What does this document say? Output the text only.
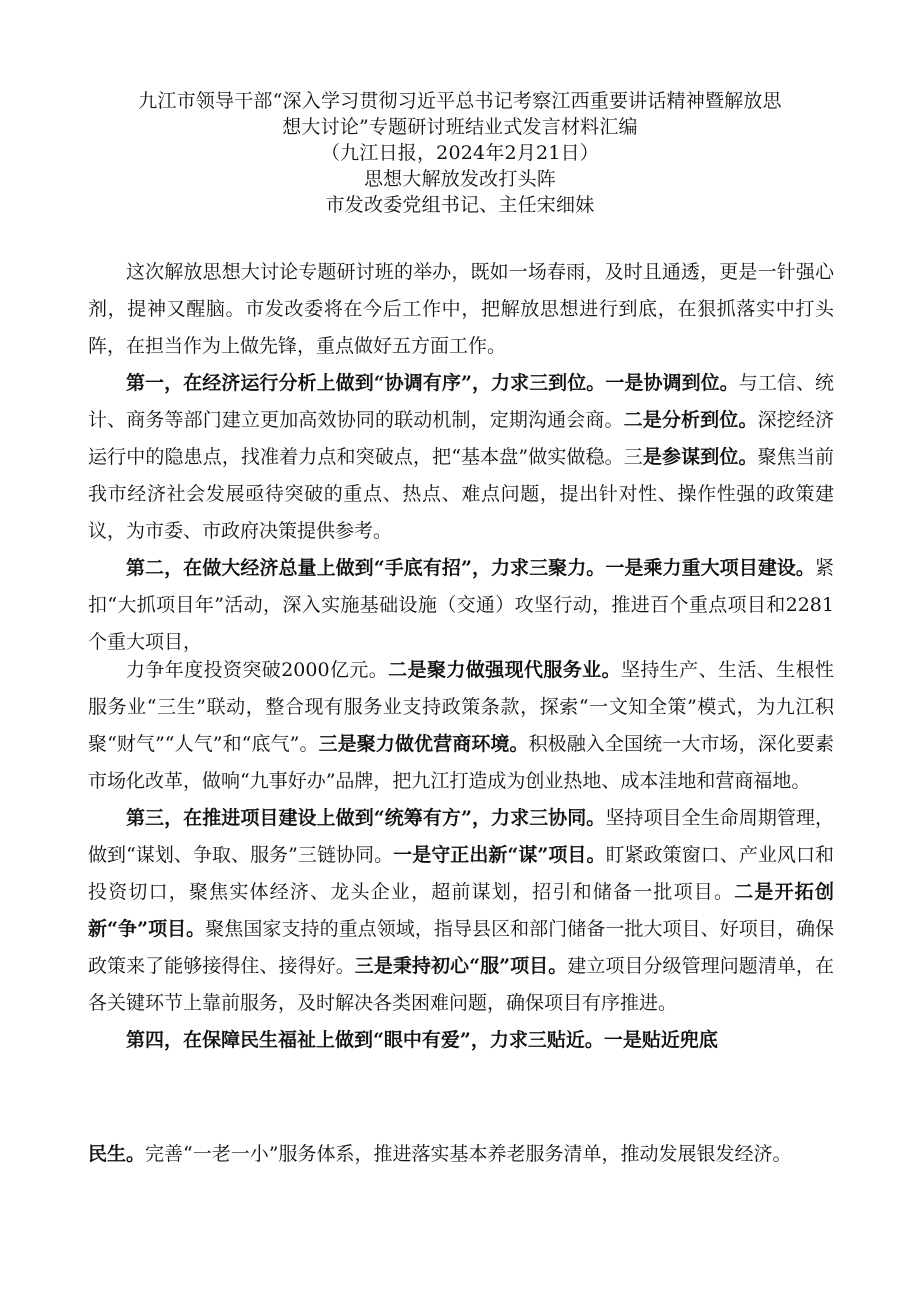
九江市领导干部“深入学习贯彻习近平总书记考察江西重要讲话精神暨解放思
想大讨论”专题研讨班结业式发言材料汇编
（九江日报，2024年2月21日）
思想大解放发改打头阵
市发改委党组书记、主任宋细妹

这次解放思想大讨论专题研讨班的举办，既如一场春雨，及时且通透，更是一针强心剂，提神又醒脑。市发改委将在今后工作中，把解放思想进行到底，在狠抓落实中打头阵，在担当作为上做先锋，重点做好五方面工作。

第一，在经济运行分析上做到“协调有序”，力求三到位。一是协调到位。与工信、统计、商务等部门建立更加高效协同的联动机制，定期沟通会商。二是分析到位。深挖经济运行中的隐患点，找准着力点和突破点，把“基本盘”做实做稳。三是参谋到位。聚焦当前我市经济社会发展亟待突破的重点、热点、难点问题，提出针对性、操作性强的政策建议，为市委、市政府决策提供参考。

第二，在做大经济总量上做到“手底有招”，力求三聚力。一是乘力重大项目建设。紧扣“大抓项目年”活动，深入实施基础设施（交通）攻坚行动，推进百个重点项目和2281个重大项目，

力争年度投资突破2000亿元。二是聚力做强现代服务业。坚持生产、生活、生根性服务业“三生”联动，整合现有服务业支持政策条款，探索“一文知全策”模式，为九江积聚“财气”“人气”和“底气”。三是聚力做优营商环境。积极融入全国统一大市场，深化要素市场化改革，做响“九事好办”品牌，把九江打造成为创业热地、成本洼地和营商福地。

第三，在推进项目建设上做到“统筹有方”，力求三协同。坚持项目全生命周期管理，做到“谋划、争取、服务”三链协同。一是守正出新“谋”项目。盯紧政策窗口、产业风口和投资切口，聚焦实体经济、龙头企业，超前谋划，招引和储备一批项目。二是开拓创新“争”项目。聚焦国家支持的重点领域，指导县区和部门储备一批大项目、好项目，确保政策来了能够接得住、接得好。三是秉持初心“服”项目。建立项目分级管理问题清单，在各关键环节上靠前服务，及时解决各类困难问题，确保项目有序推进。

第四，在保障民生福祉上做到“眼中有爱”，力求三贴近。一是贴近兜底

民生。完善“一老一小”服务体系，推进落实基本养老服务清单，推动发展银发经济。
